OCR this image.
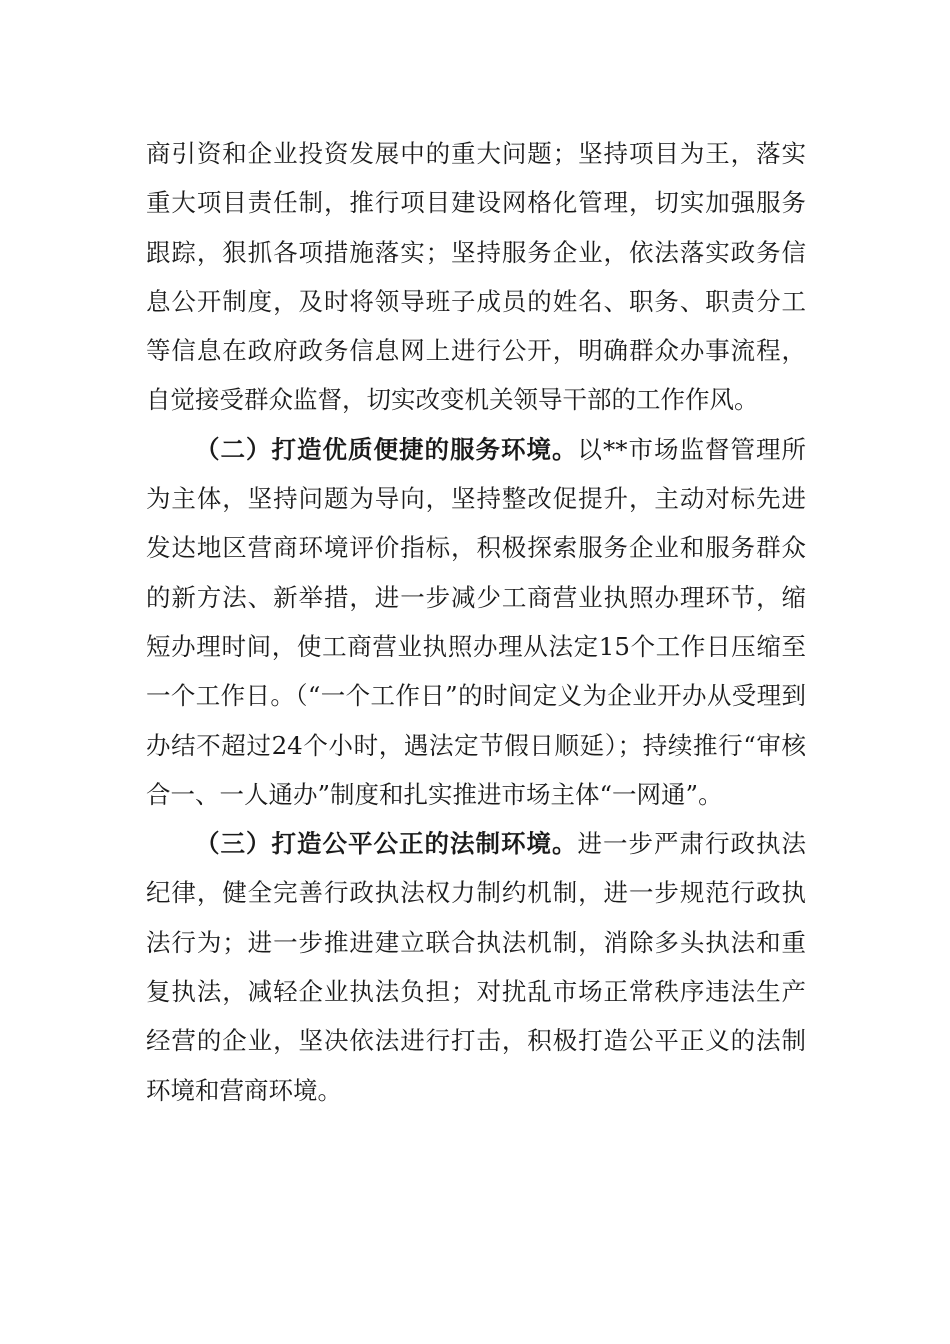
商引资和企业投资发展中的重大问题；坚持项目为王，落实重大项目责任制，推行项目建设网格化管理，切实加强服务跟踪，狠抓各项措施落实；坚持服务企业，依法落实政务信息公开制度，及时将领导班子成员的姓名、职务、职责分工等信息在政府政务信息网上进行公开，明确群众办事流程，自觉接受群众监督，切实改变机关领导干部的工作作风。

（二）打造优质便捷的服务环境。以**市场监督管理所为主体，坚持问题为导向，坚持整改促提升，主动对标先进发达地区营商环境评价指标，积极探索服务企业和服务群众的新方法、新举措，进一步减少工商营业执照办理环节，缩短办理时间，使工商营业执照办理从法定15个工作日压缩至一个工作日。（“一个工作日”的时间定义为企业开办从受理到办结不超过24个小时，遇法定节假日顺延）；持续推行“审核合一、一人通办”制度和扎实推进市场主体“一网通”。

（三）打造公平公正的法制环境。进一步严肃行政执法纪律，健全完善行政执法权力制约机制，进一步规范行政执法行为；进一步推进建立联合执法机制，消除多头执法和重复执法，减轻企业执法负担；对扰乱市场正常秩序违法生产经营的企业，坚决依法进行打击，积极打造公平正义的法制环境和营商环境。
